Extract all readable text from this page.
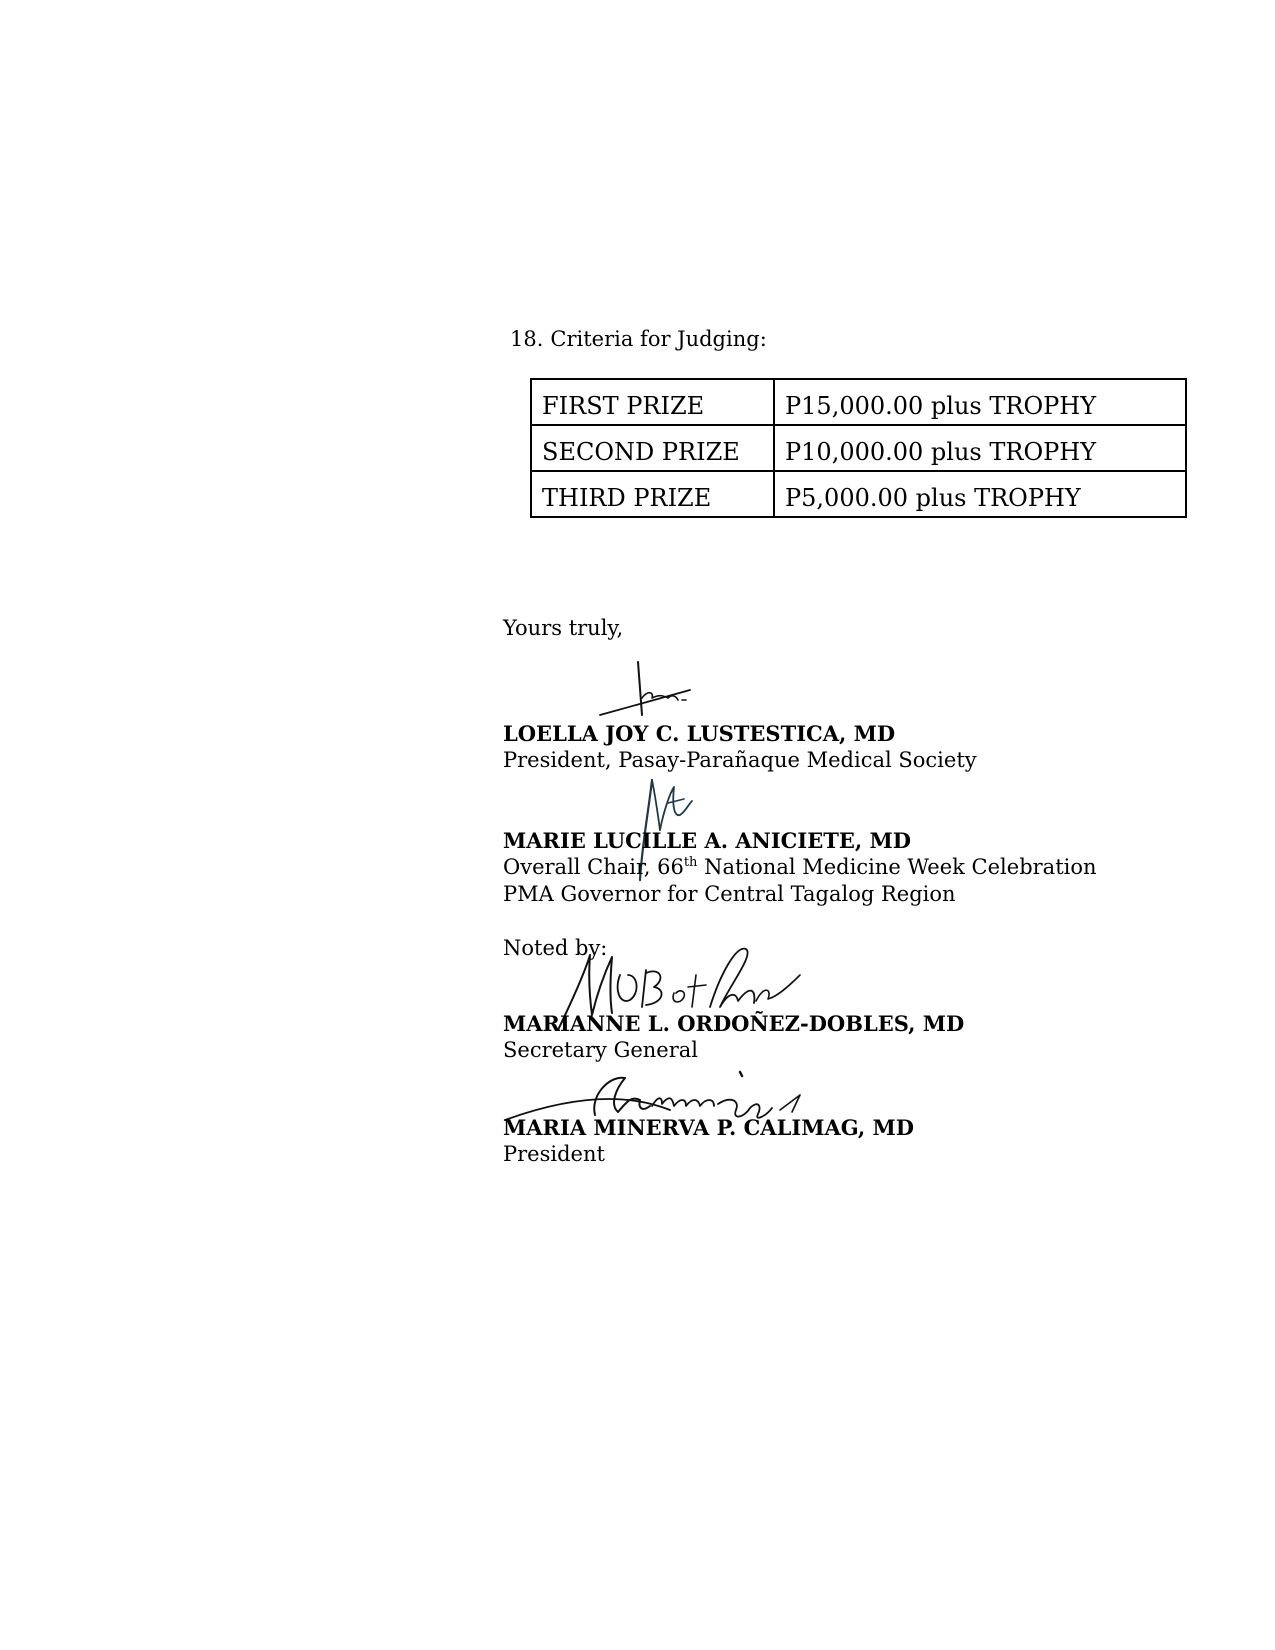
18. Criteria for Judging:
FIRST PRIZE	P15,000.00 plus TROPHY
SECOND PRIZE	P10,000.00 plus TROPHY
THIRD PRIZE	P5,000.00 plus TROPHY
Yours truly,
LOELLA JOY C. LUSTESTICA, MD
President, Pasay-Parañaque Medical Society
MARIE LUCILLE A. ANICIETE, MD
Overall Chair, 66th National Medicine Week Celebration
PMA Governor for Central Tagalog Region
Noted by:
MARIANNE L. ORDOÑEZ-DOBLES, MD
Secretary General
MARIA MINERVA P. CALIMAG, MD
President
